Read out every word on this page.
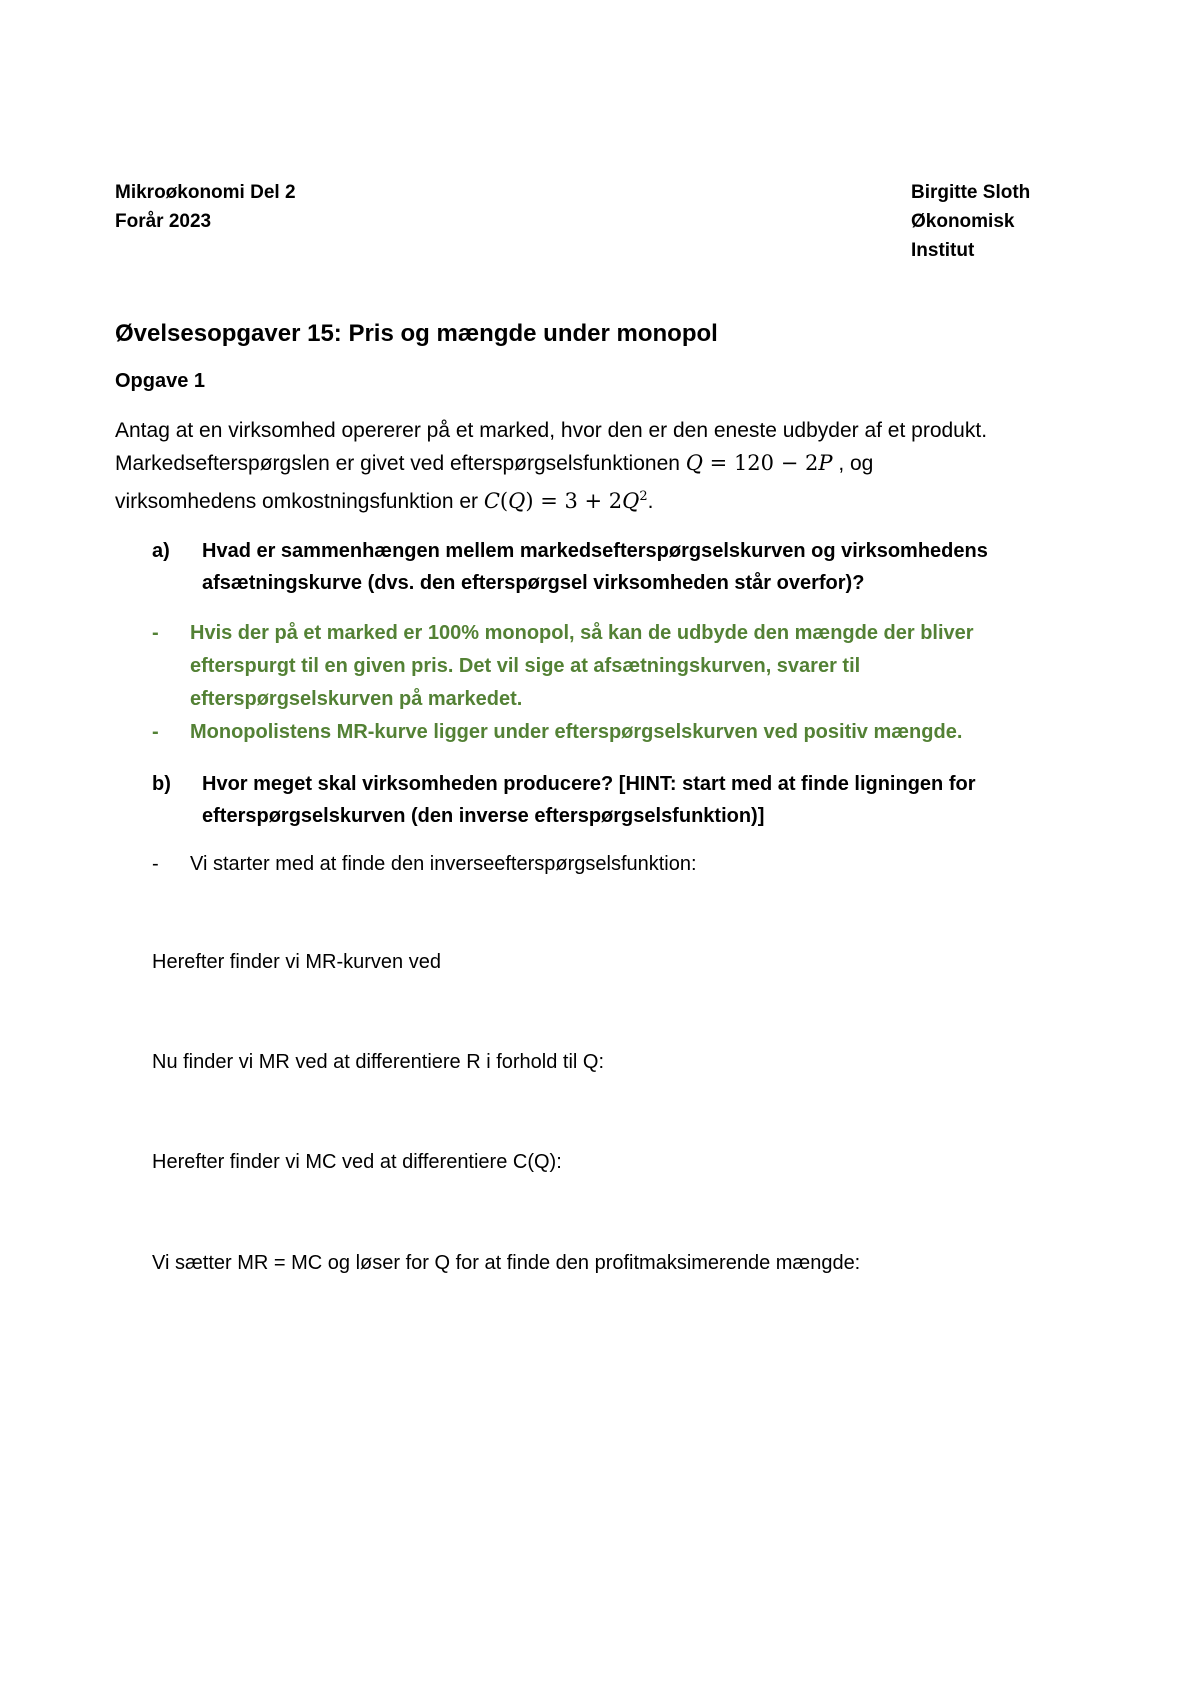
Mikroøkonomi Del 2
Forår 2023
Birgitte Sloth
Økonomisk
Institut
Øvelsesopgaver 15: Pris og mængde under monopol
Opgave 1
Antag at en virksomhed opererer på et marked, hvor den er den eneste udbyder af et produkt.
Markedsefterspørgslen er givet ved efterspørgselsfunktionen 𝑄 = 120 − 2𝑃 , og
virksomhedens omkostningsfunktion er 𝐶(𝑄) = 3 + 2𝑄$^2$.
a) Hvad er sammenhængen mellem markedsefterspørgselskurven og virksomhedens afsætningskurve (dvs. den efterspørgsel virksomheden står overfor)?
- Hvis der på et marked er 100% monopol, så kan de udbyde den mængde der bliver efterspurgt til en given pris. Det vil sige at afsætningskurven, svarer til efterspørgselskurven på markedet.
- Monopolistens MR-kurve ligger under efterspørgselskurven ved positiv mængde.
b) Hvor meget skal virksomheden producere? [HINT: start med at finde ligningen for efterspørgselskurven (den inverse efterspørgselsfunktion)]
- Vi starter med at finde den inverseefterspørgselsfunktion:
Herefter finder vi MR-kurven ved
Nu finder vi MR ved at differentiere R i forhold til Q:
Herefter finder vi MC ved at differentiere C(Q):
Vi sætter MR = MC og løser for Q for at finde den profitmaksimerende mængde:
